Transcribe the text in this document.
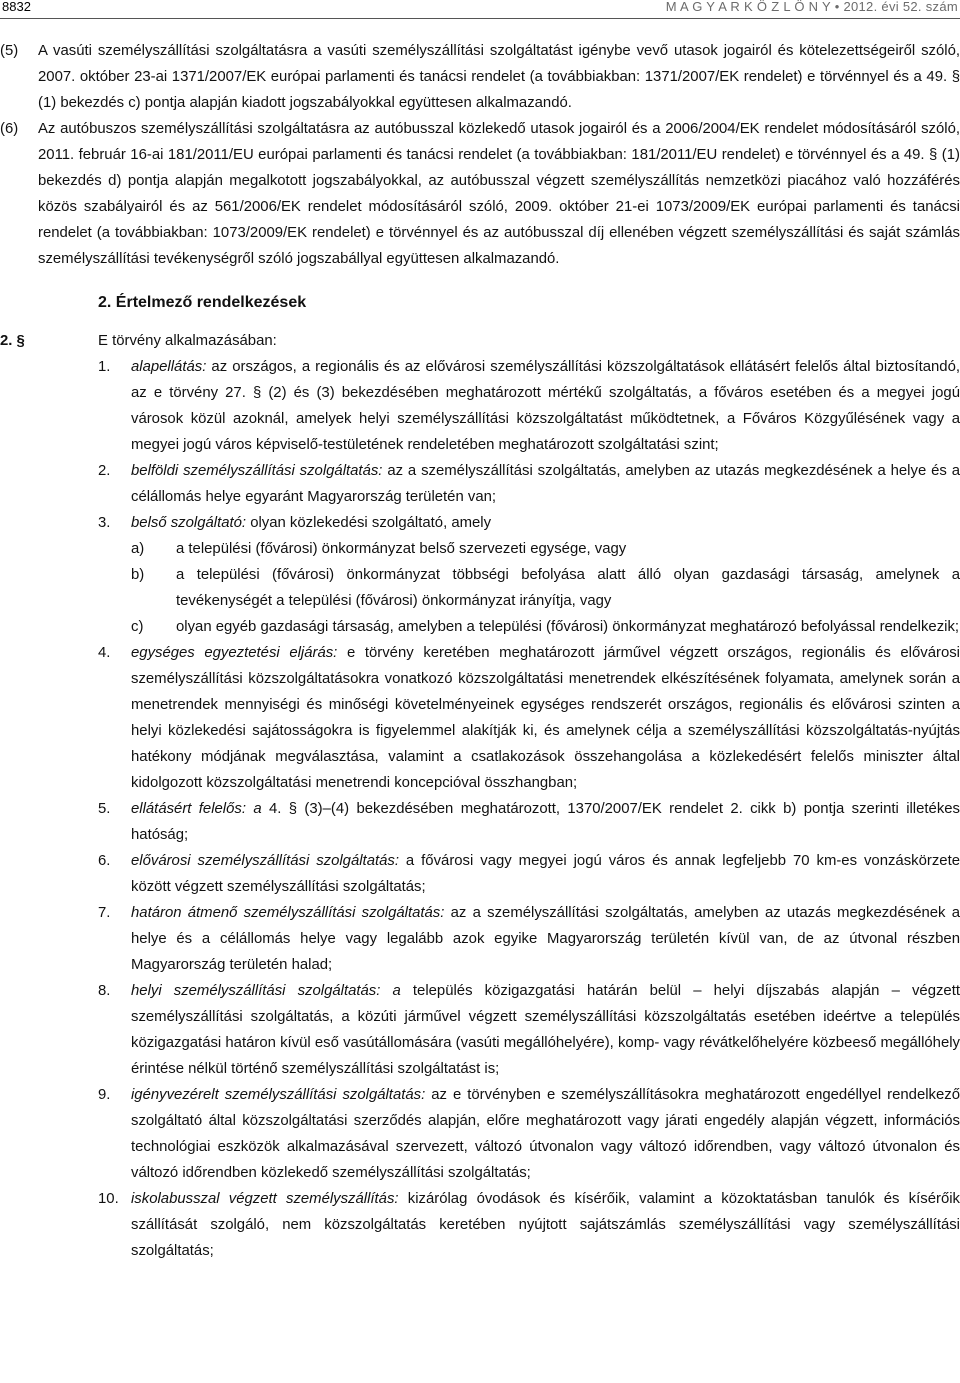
8832	M A G Y A R K Ö Z L Ö N Y • 2012. évi 52. szám

(5) A vasúti személyszállítási szolgáltatásra a vasúti személyszállítási szolgáltatást igénybe vevő utasok jogairól és kötelezettségeiről szóló, 2007. október 23-ai 1371/2007/EK európai parlamenti és tanácsi rendelet (a továbbiakban: 1371/2007/EK rendelet) e törvénnyel és a 49. § (1) bekezdés c) pontja alapján kiadott jogszabályokkal együttesen alkalmazandó.

(6) Az autóbuszos személyszállítási szolgáltatásra az autóbusszal közlekedő utasok jogairól és a 2006/2004/EK rendelet módosításáról szóló, 2011. február 16-ai 181/2011/EU európai parlamenti és tanácsi rendelet (a továbbiakban: 181/2011/EU rendelet) e törvénnyel és a 49. § (1) bekezdés d) pontja alapján megalkotott jogszabályokkal, az autóbusszal végzett személyszállítás nemzetközi piacához való hozzáférés közös szabályairól és az 561/2006/EK rendelet módosításáról szóló, 2009. október 21-ei 1073/2009/EK európai parlamenti és tanácsi rendelet (a továbbiakban: 1073/2009/EK rendelet) e törvénnyel és az autóbusszal díj ellenében végzett személyszállítási és saját számlás személyszállítási tevékenységről szóló jogszabállyal együttesen alkalmazandó.

2. Értelmező rendelkezések

2. §	E törvény alkalmazásában:

1. alapellátás: az országos, a regionális és az elővárosi személyszállítási közszolgáltatások ellátásért felelős által biztosítandó, az e törvény 27. § (2) és (3) bekezdésében meghatározott mértékű szolgáltatás, a főváros esetében és a megyei jogú városok közül azoknál, amelyek helyi személyszállítási közszolgáltatást működtetnek, a Főváros Közgyűlésének vagy a megyei jogú város képviselő-testületének rendeletében meghatározott szolgáltatási szint;

2. belföldi személyszállítási szolgáltatás: az a személyszállítási szolgáltatás, amelyben az utazás megkezdésének a helye és a célállomás helye egyaránt Magyarország területén van;

3. belső szolgáltató: olyan közlekedési szolgáltató, amely

a) a települési (fővárosi) önkormányzat belső szervezeti egysége, vagy

b) a települési (fővárosi) önkormányzat többségi befolyása alatt álló olyan gazdasági társaság, amelynek a tevékenységét a települési (fővárosi) önkormányzat irányítja, vagy

c) olyan egyéb gazdasági társaság, amelyben a települési (fővárosi) önkormányzat meghatározó befolyással rendelkezik;

4. egységes egyeztetési eljárás: e törvény keretében meghatározott járművel végzett országos, regionális és elővárosi személyszállítási közszolgáltatásokra vonatkozó közszolgáltatási menetrendek elkészítésének folyamata, amelynek során a menetrendek mennyiségi és minőségi követelményeinek egységes rendszerét országos, regionális és elővárosi szinten a helyi közlekedési sajátosságokra is figyelemmel alakítják ki, és amelynek célja a személyszállítási közszolgáltatás-nyújtás hatékony módjának megválasztása, valamint a csatlakozások összehangolása a közlekedésért felelős miniszter által kidolgozott közszolgáltatási menetrendi koncepcióval összhangban;

5. ellátásért felelős: a 4. § (3)–(4) bekezdésében meghatározott, 1370/2007/EK rendelet 2. cikk b) pontja szerinti illetékes hatóság;

6. elővárosi személyszállítási szolgáltatás: a fővárosi vagy megyei jogú város és annak legfeljebb 70 km-es vonzáskörzete között végzett személyszállítási szolgáltatás;

7. határon átmenő személyszállítási szolgáltatás: az a személyszállítási szolgáltatás, amelyben az utazás megkezdésének a helye és a célállomás helye vagy legalább azok egyike Magyarország területén kívül van, de az útvonal részben Magyarország területén halad;

8. helyi személyszállítási szolgáltatás: a település közigazgatási határán belül – helyi díjszabás alapján – végzett személyszállítási szolgáltatás, a közúti járművel végzett személyszállítási közszolgáltatás esetében ideértve a település közigazgatási határon kívül eső vasútállomására (vasúti megállóhelyére), komp- vagy révátkelőhelyére közbeeső megállóhely érintése nélkül történő személyszállítási szolgáltatást is;

9. igényvezérelt személyszállítási szolgáltatás: az e törvényben e személyszállításokra meghatározott engedéllyel rendelkező szolgáltató által közszolgáltatási szerződés alapján, előre meghatározott vagy járati engedély alapján végzett, információs technológiai eszközök alkalmazásával szervezett, változó útvonalon vagy változó időrendben, vagy változó útvonalon és változó időrendben közlekedő személyszállítási szolgáltatás;

10. iskolabusszal végzett személyszállítás: kizárólag óvodások és kísérőik, valamint a közoktatásban tanulók és kísérőik szállítását szolgáló, nem közszolgáltatás keretében nyújtott sajátszámlás személyszállítási vagy személyszállítási szolgáltatás;
